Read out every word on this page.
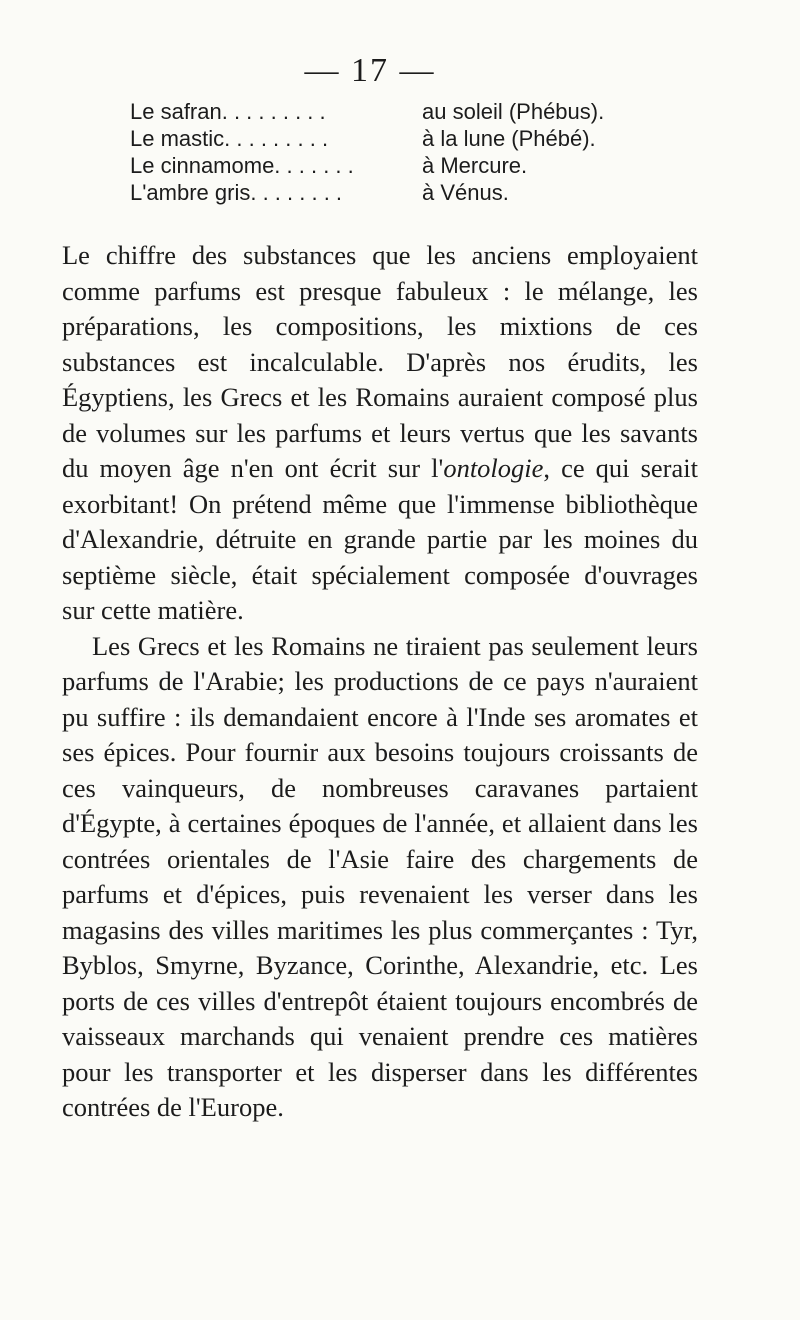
— 17 —
Le safran. . . . . . . . .	au soleil (Phébus).
Le mastic. . . . . . . . .	à la lune (Phébé).
Le cinnamome. . . . . . .	à Mercure.
L'ambre gris. . . . . . . .	à Vénus.

Le chiffre des substances que les anciens employaient comme parfums est presque fabuleux : le mélange, les préparations, les compositions, les mixtions de ces substances est incalculable. D'après nos érudits, les Égyptiens, les Grecs et les Romains auraient composé plus de volumes sur les parfums et leurs vertus que les savants du moyen âge n'en ont écrit sur l'ontologie, ce qui serait exorbitant! On prétend même que l'immense bibliothèque d'Alexandrie, détruite en grande partie par les moines du septième siècle, était spécialement composée d'ouvrages sur cette matière.

Les Grecs et les Romains ne tiraient pas seulement leurs parfums de l'Arabie; les productions de ce pays n'auraient pu suffire : ils demandaient encore à l'Inde ses aromates et ses épices. Pour fournir aux besoins toujours croissants de ces vainqueurs, de nombreuses caravanes partaient d'Égypte, à certaines époques de l'année, et allaient dans les contrées orientales de l'Asie faire des chargements de parfums et d'épices, puis revenaient les verser dans les magasins des villes maritimes les plus commerçantes : Tyr, Byblos, Smyrne, Byzance, Corinthe, Alexandrie, etc. Les ports de ces villes d'entrepôt étaient toujours encombrés de vaisseaux marchands qui venaient prendre ces matières pour les transporter et les disperser dans les différentes contrées de l'Europe.
